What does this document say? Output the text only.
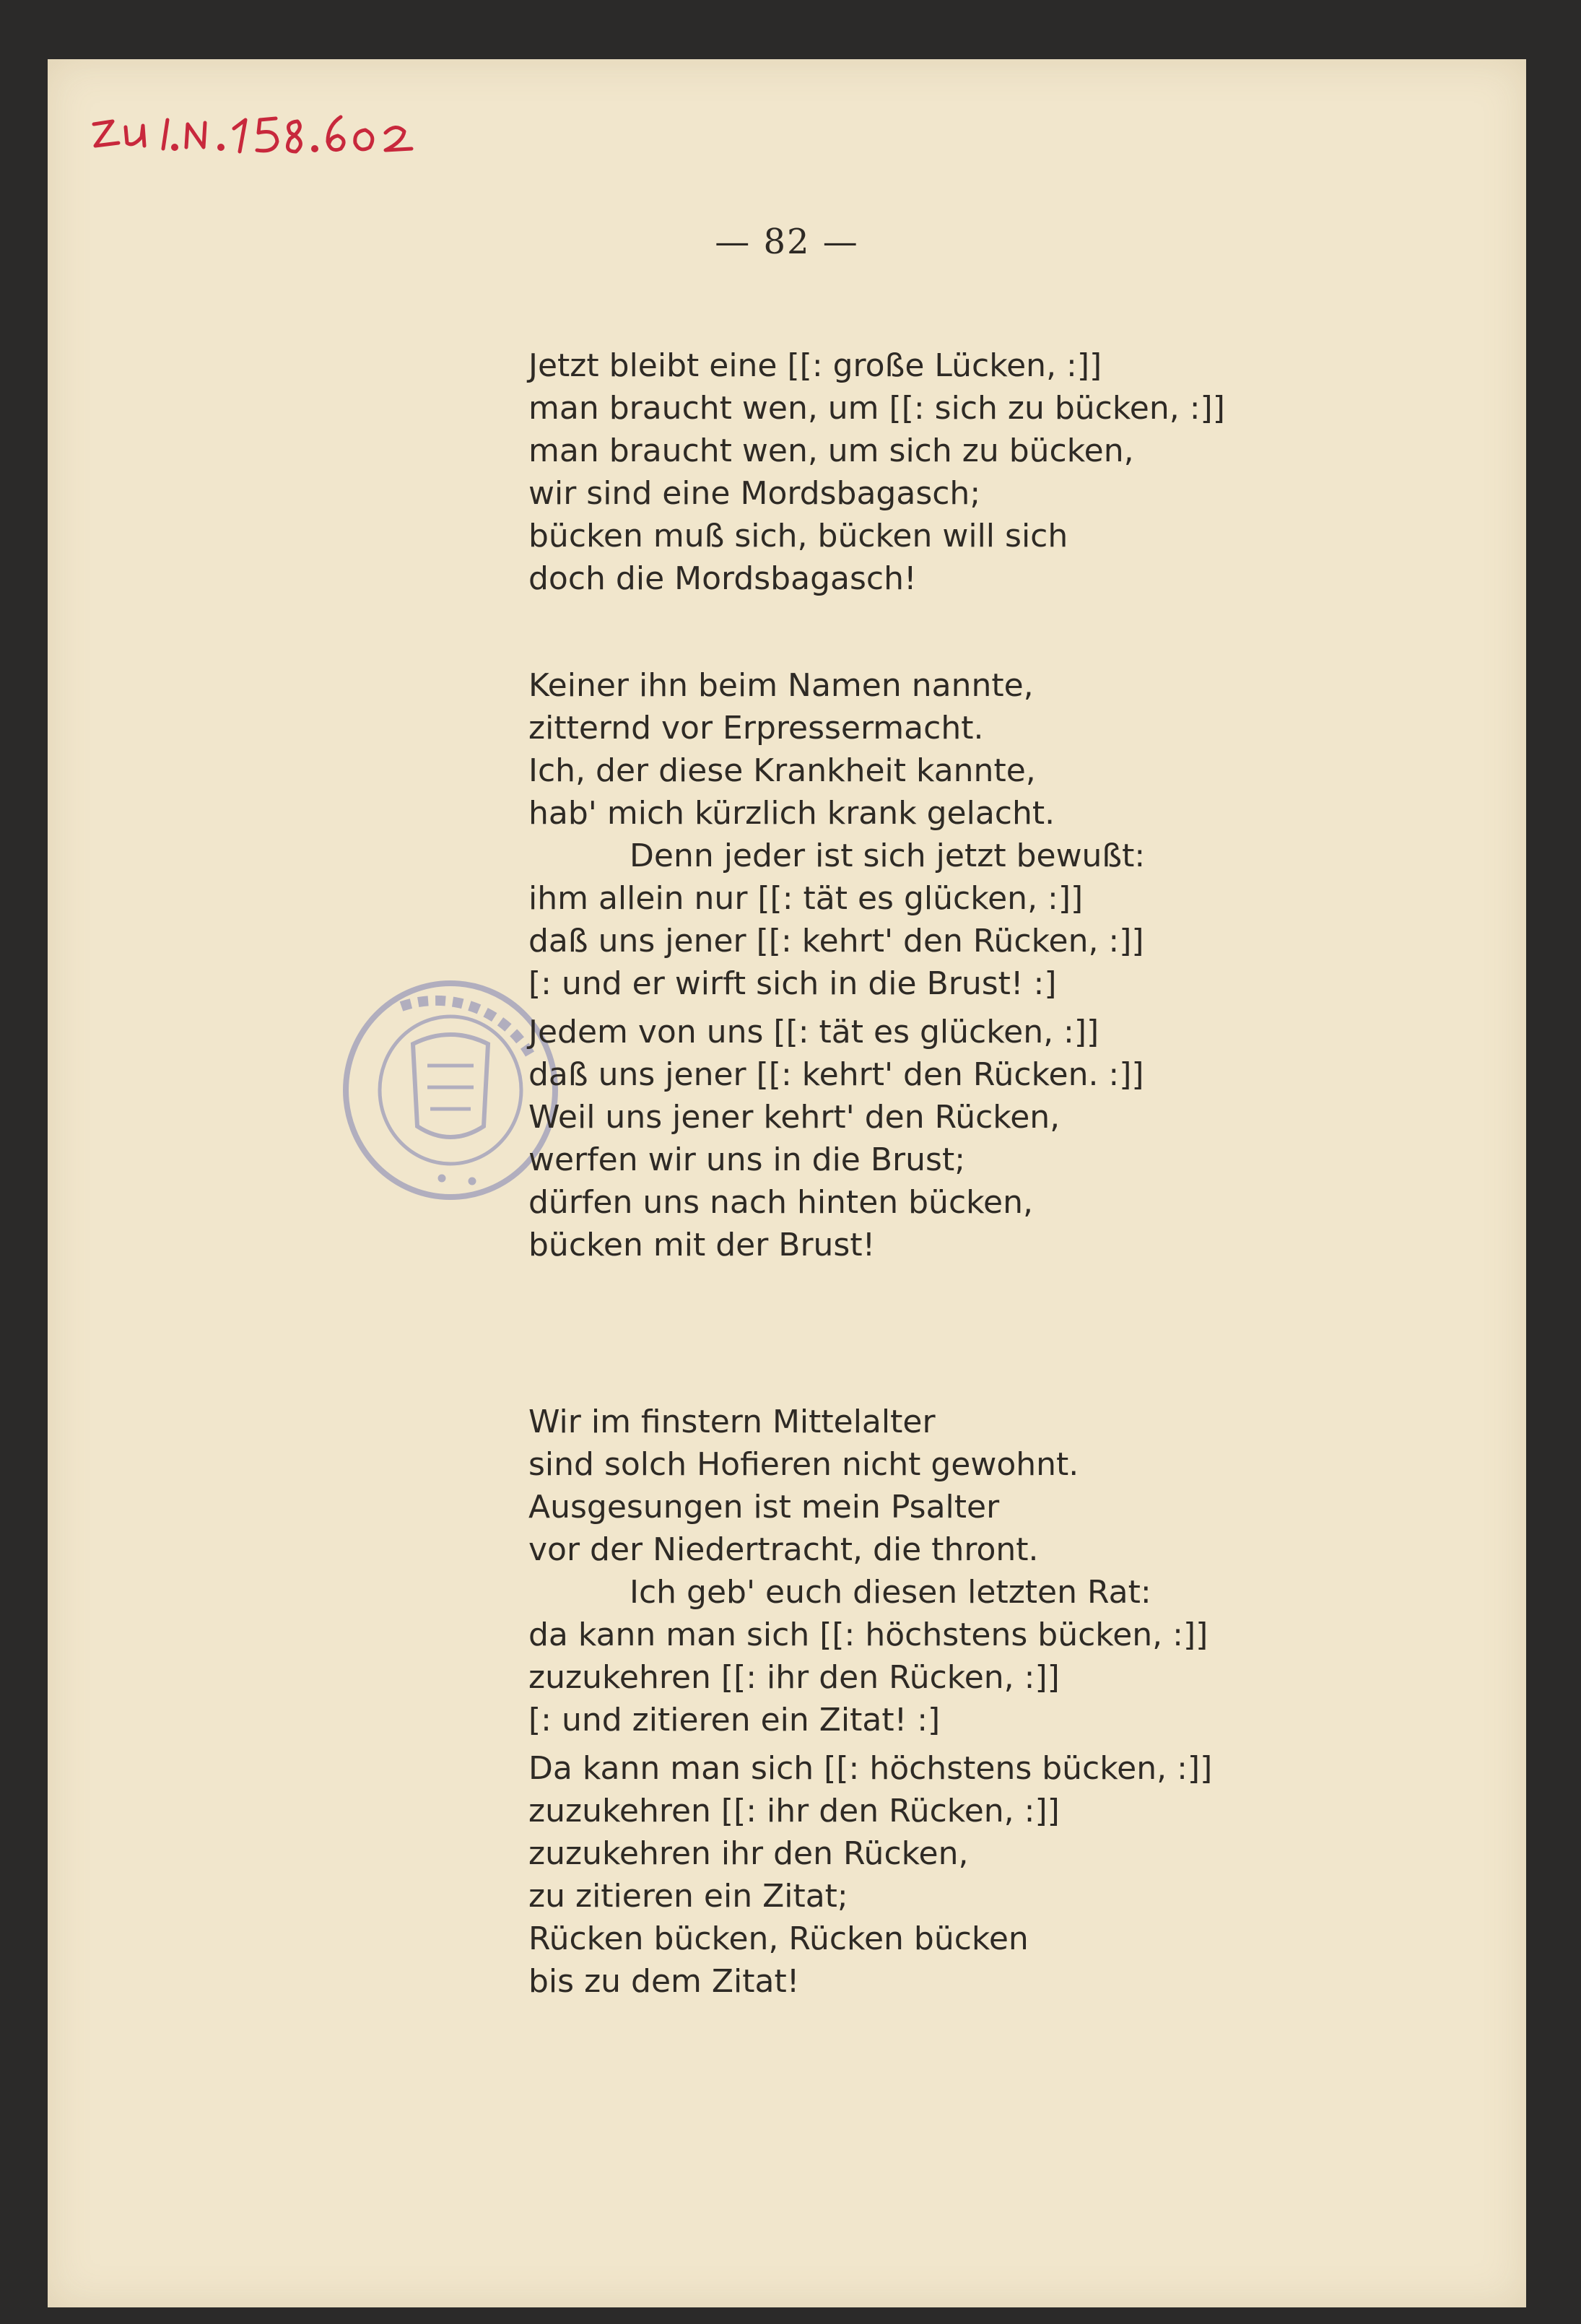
— 82 —
Jetzt bleibt eine [[: große Lücken, :]]
man braucht wen, um [[: sich zu bücken, :]]
man braucht wen, um sich zu bücken,
wir sind eine Mordsbagasch;
bücken muß sich, bücken will sich
doch die Mordsbagasch!
Keiner ihn beim Namen nannte,
zitternd vor Erpressermacht.
Ich, der diese Krankheit kannte,
hab' mich kürzlich krank gelacht.
Denn jeder ist sich jetzt bewußt:
ihm allein nur [[: tät es glücken, :]]
daß uns jener [[: kehrt' den Rücken, :]]
[: und er wirft sich in die Brust! :]
Jedem von uns [[: tät es glücken, :]]
daß uns jener [[: kehrt' den Rücken. :]]
Weil uns jener kehrt' den Rücken,
werfen wir uns in die Brust;
dürfen uns nach hinten bücken,
bücken mit der Brust!
Wir im finstern Mittelalter
sind solch Hofieren nicht gewohnt.
Ausgesungen ist mein Psalter
vor der Niedertracht, die thront.
Ich geb' euch diesen letzten Rat:
da kann man sich [[: höchstens bücken, :]]
zuzukehren [[: ihr den Rücken, :]]
[: und zitieren ein Zitat! :]
Da kann man sich [[: höchstens bücken, :]]
zuzukehren [[: ihr den Rücken, :]]
zuzukehren ihr den Rücken,
zu zitieren ein Zitat;
Rücken bücken, Rücken bücken
bis zu dem Zitat!
